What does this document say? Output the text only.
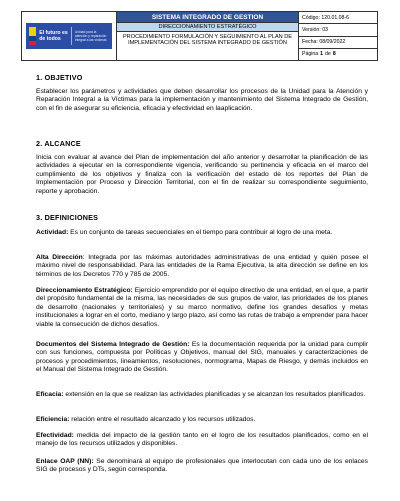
El futuro es de todos
Unidad para la atención y reparación integral a las víctimas
SISTEMA INTEGRADO DE GESTION
DIRECCIONAMIENTO ESTRATÉGICO
PROCEDIMIENTO FORMULACIÓN Y SEGUIMIENTO AL PLAN DE IMPLEMENTACIÓN DEL SISTEMA INTEGRADO DE GESTIÓN
Código:
120.01.08-6
Versión:
03
Fecha:
08/09/2022
Página 1 de 8
1. OBJETIVO
Establecer los parámetros y actividades que deben desarrollar los procesos de la Unidad para la Atención y Reparación Integral a la Víctimas para la implementación y mantenimiento del Sistema Integrado de Gestión, con el fin de asegurar su eficiencia, eficacia y efectividad en laaplicación.
2. ALCANCE
Inicia con evaluar al avance del Plan de implementación del año anterior y desarrollar la planificación de las actividades a ejecutar en la correspondiente vigencia, verificando su pertinencia y eficacia en el marco del cumplimiento de los objetivos y finaliza con la verificación del estado de los reportes del Plan de Implementación por Proceso y Dirección Territorial, con el fin de realizar su correspondiente seguimiento, reporte y aprobación.
3. DEFINICIONES
Actividad: Es un conjunto de tareas secuenciales en el tiempo para contribuir al logro de una meta.
Alta Dirección: Integrada por las máximas autoridades administrativas de una entidad y quién posee el máximo nivel de responsabilidad. Para las entidades de la Rama Ejecutiva, la alta dirección se define en los términos de los Decretos 770 y 785 de 2005.
Direccionamiento Estratégico: Ejercicio emprendido por el equipo directivo de una entidad, en el que, a partir del propósito fundamental de la misma, las necesidades de sus grupos de valor, las prioridades de los planes de desarrollo (nacionales y territoriales) y su marco normativo, define los grandes desafíos y metas institucionales a lograr en el corto, mediano y largo plazo, así como las rutas de trabajo a emprender para hacer viable la consecución de dichos desafíos.
Documentos del Sistema Integrado de Gestión: Es la documentación requerida por la unidad para cumplir con sus funciones, compuesta por Políticas y Objetivos, manual del SIG, manuales y caracterizaciones de procesos y procedimientos, lineamientos, resoluciones, normograma, Mapas de Riesgo, y demás incluidos en el Manual del Sistema Integrado de Gestión.
Eficacia: extensión en la que se realizan las actividades planificadas y se alcanzan los resultados planificados.
Eficiencia: relación entre el resultado alcanzado y los recursos utilizados.
Efectividad: medida del impacto de la gestión tanto en el logro de los resultados planificados, como en el manejo de los recursos utilizados y disponibles.
Enlace OAP (NN): Se denominará al equipo de profesionales que interlocutan con cada uno de los enlaces SIG de procesos y DTs, según corresponda.
